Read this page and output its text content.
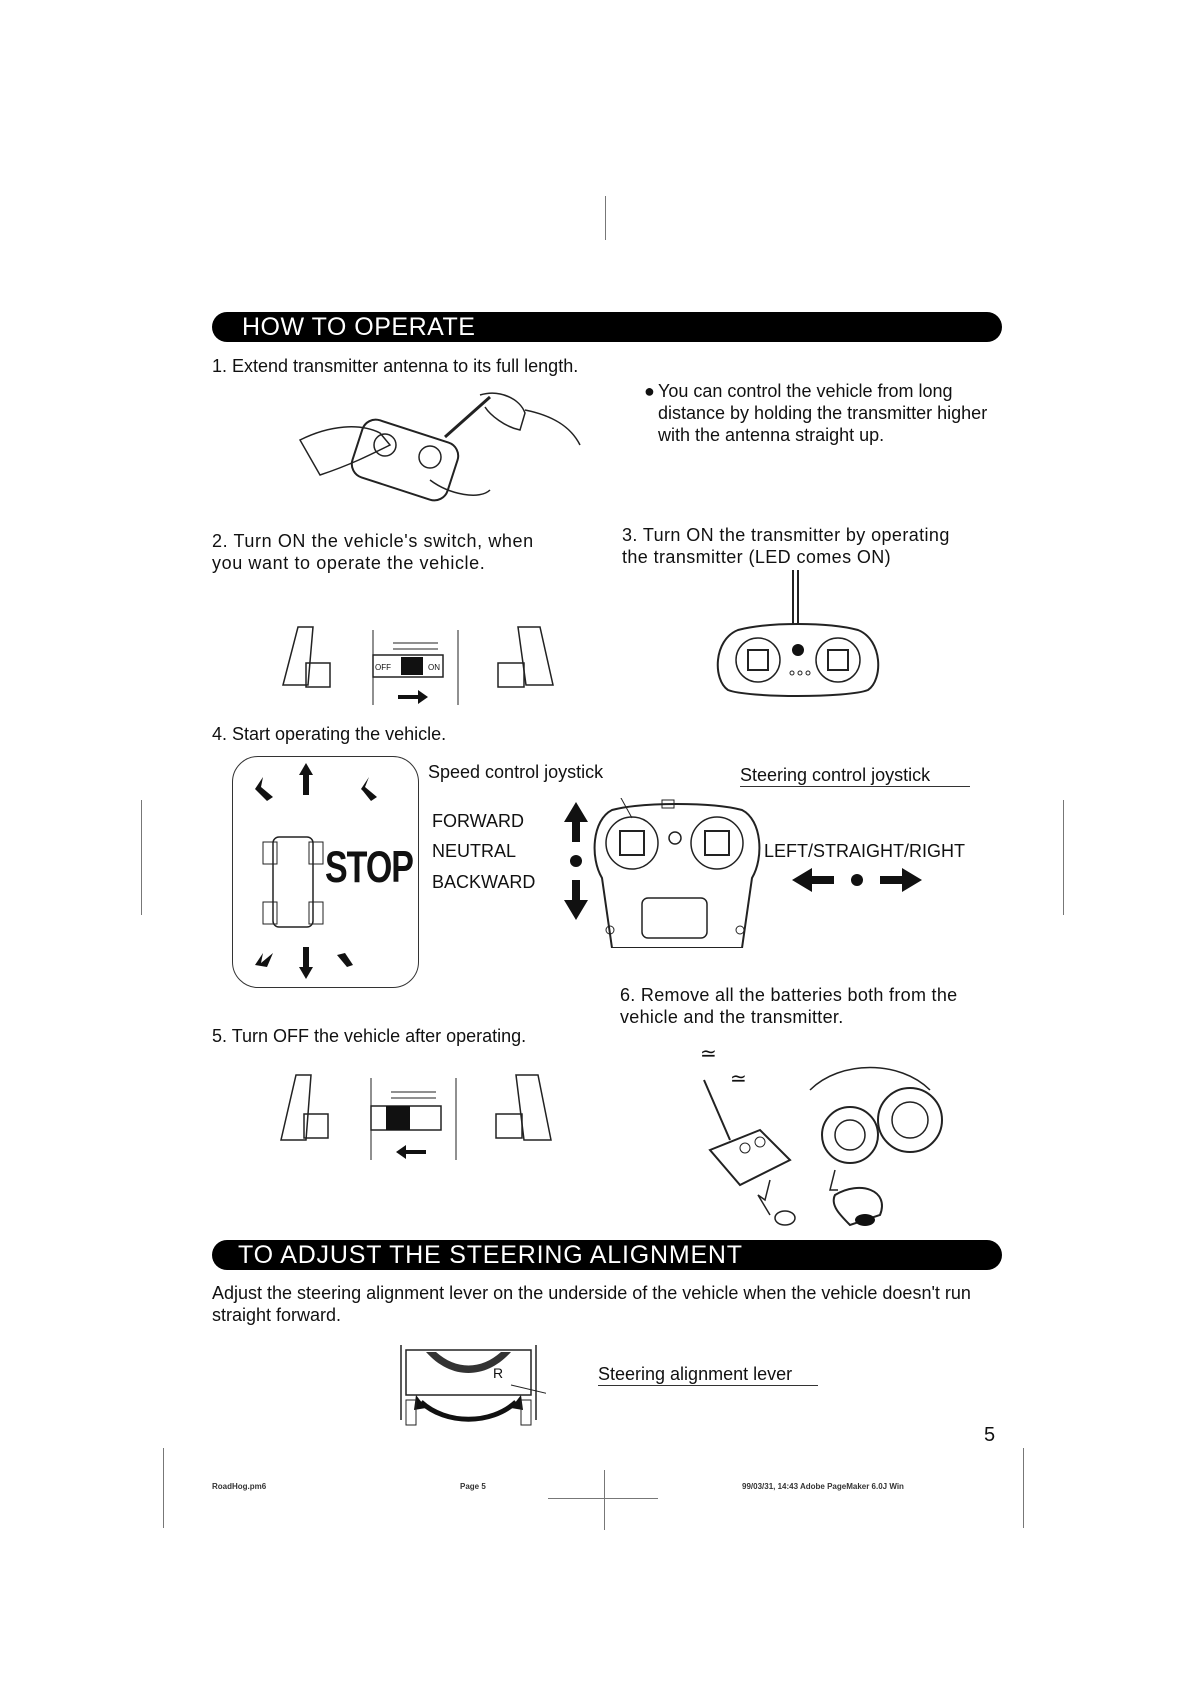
HOW TO OPERATE
1. Extend transmitter antenna to its full length.
● You can control the vehicle from long distance by holding the transmitter higher with the antenna straight up.
2. Turn ON the vehicle's switch, when you want to operate the vehicle.
3. Turn ON the transmitter by operating the transmitter (LED comes ON)
OFF	ON
4. Start operating the vehicle.
STOP
Speed control joystick	Steering control joystick
FORWARD
NEUTRAL
BACKWARD
LEFT/STRAIGHT/RIGHT
6. Remove all the batteries both from the vehicle and the transmitter.
5. Turn OFF the vehicle after operating.
≃
≃
TO ADJUST THE STEERING ALIGNMENT
Adjust the steering alignment lever on the underside of the vehicle when the vehicle doesn't run straight forward.
R	Steering alignment lever
5
RoadHog.pm6	Page 5	99/03/31, 14:43 Adobe PageMaker 6.0J Win
